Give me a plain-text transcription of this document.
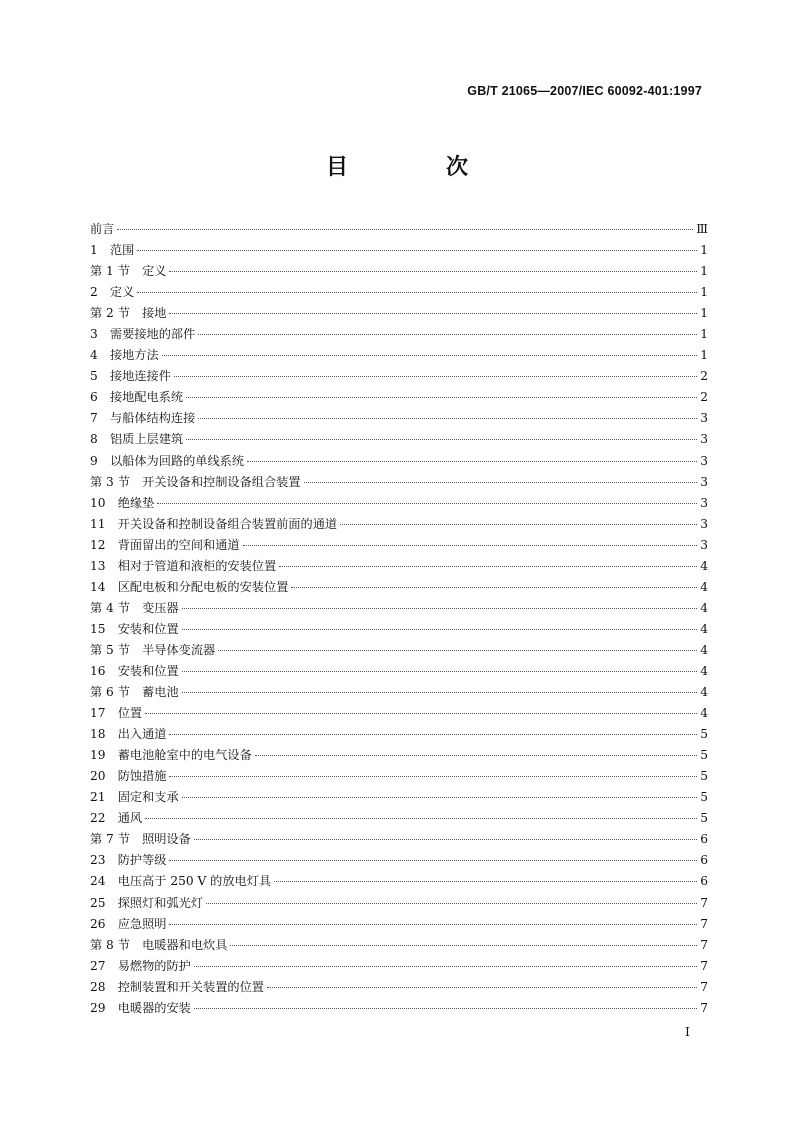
GB/T 21065—2007/IEC 60092-401:1997
目　次
前言	Ⅲ
1　范围	1
第 1 节　定义	1
2　定义	1
第 2 节　接地	1
3　需要接地的部件	1
4　接地方法	1
5　接地连接件	2
6　接地配电系统	2
7　与船体结构连接	3
8　铝质上层建筑	3
9　以船体为回路的单线系统	3
第 3 节　开关设备和控制设备组合装置	3
10　绝缘垫	3
11　开关设备和控制设备组合装置前面的通道	3
12　背面留出的空间和通道	3
13　相对于管道和液柜的安装位置	4
14　区配电板和分配电板的安装位置	4
第 4 节　变压器	4
15　安装和位置	4
第 5 节　半导体变流器	4
16　安装和位置	4
第 6 节　蓄电池	4
17　位置	4
18　出入通道	5
19　蓄电池舱室中的电气设备	5
20　防蚀措施	5
21　固定和支承	5
22　通风	5
第 7 节　照明设备	6
23　防护等级	6
24　电压高于 250 V 的放电灯具	6
25　探照灯和弧光灯	7
26　应急照明	7
第 8 节　电暖器和电炊具	7
27　易燃物的防护	7
28　控制装置和开关装置的位置	7
29　电暖器的安装	7
I
